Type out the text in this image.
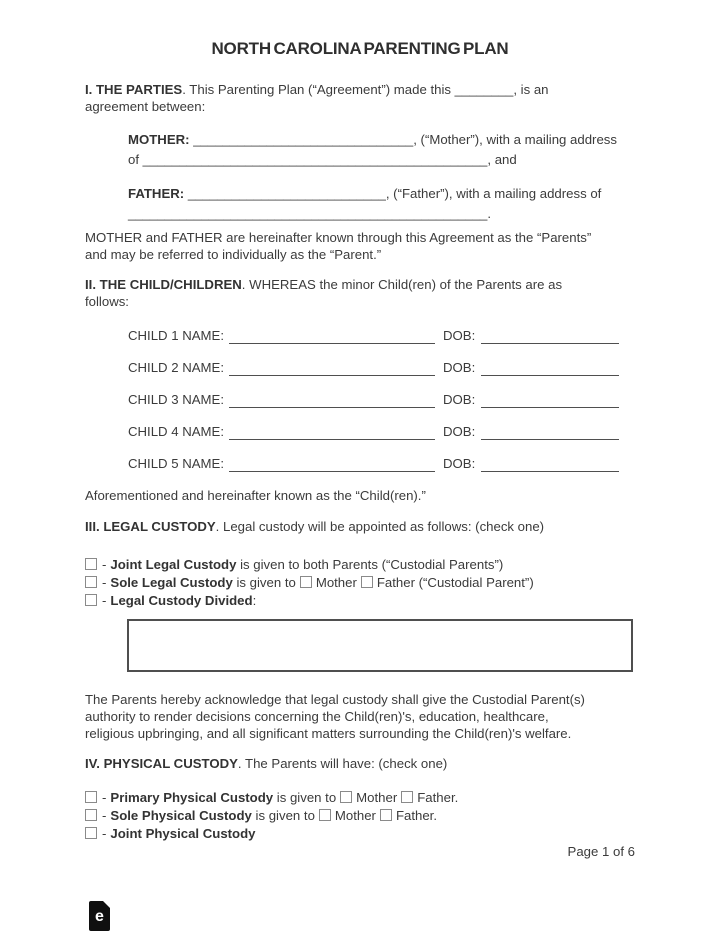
NORTH CAROLINA PARENTING PLAN
I. THE PARTIES. This Parenting Plan (“Agreement”) made this ________, is an
agreement between:
MOTHER: ______________________________, (“Mother”), with a mailing address
of _______________________________________________, and
FATHER: ___________________________, (“Father”), with a mailing address of
_________________________________________________.
MOTHER and FATHER are hereinafter known through this Agreement as the “Parents”
and may be referred to individually as the “Parent.”
II. THE CHILD/CHILDREN. WHEREAS the minor Child(ren) of the Parents are as
follows:
CHILD 1 NAME:	DOB:
CHILD 2 NAME:	DOB:
CHILD 3 NAME:	DOB:
CHILD 4 NAME:	DOB:
CHILD 5 NAME:	DOB:
Aforementioned and hereinafter known as the “Child(ren).”
III. LEGAL CUSTODY. Legal custody will be appointed as follows: (check one)
- Joint Legal Custody is given to both Parents (“Custodial Parents”)
- Sole Legal Custody is given to Mother Father (“Custodial Parent”)
- Legal Custody Divided:
The Parents hereby acknowledge that legal custody shall give the Custodial Parent(s)
authority to render decisions concerning the Child(ren)'s, education, healthcare,
religious upbringing, and all significant matters surrounding the Child(ren)'s welfare.
IV. PHYSICAL CUSTODY. The Parents will have: (check one)
- Primary Physical Custody is given to Mother Father.
- Sole Physical Custody is given to Mother Father.
- Joint Physical Custody
Page 1 of 6
e
